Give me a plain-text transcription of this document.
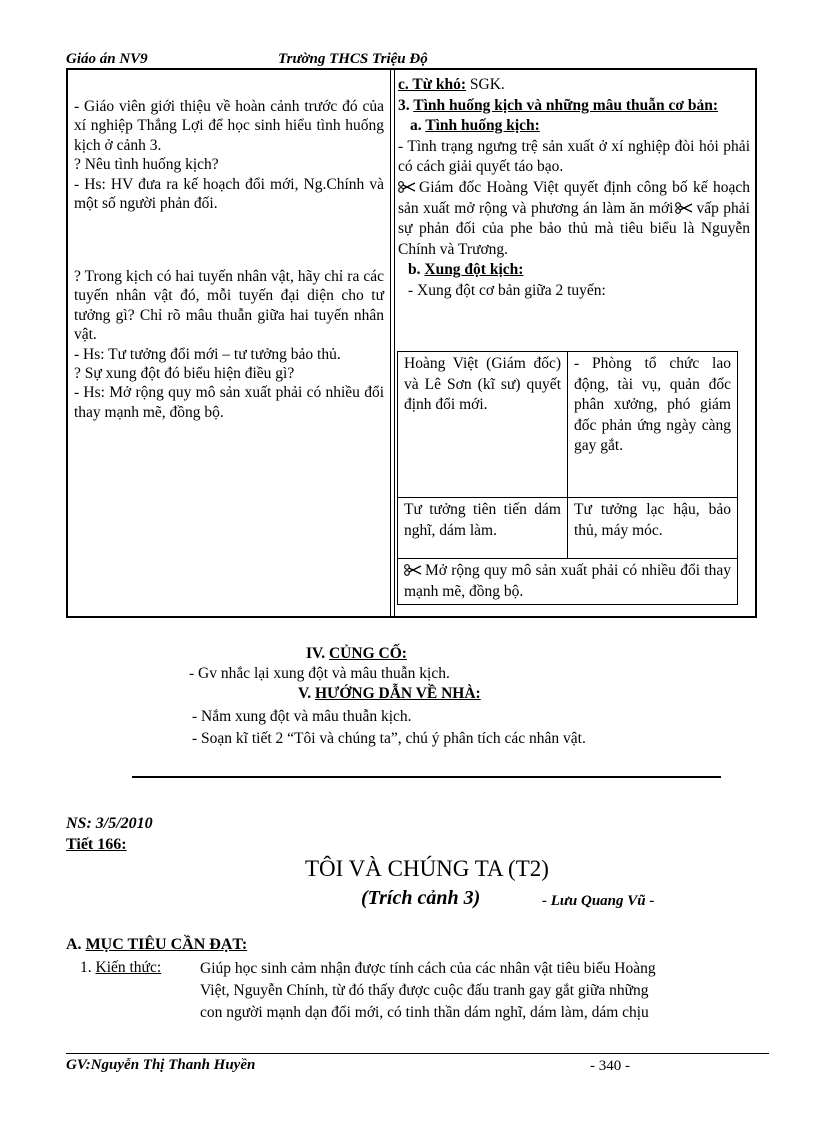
Giáo án NV9	Trường THCS Triệu Độ

- Giáo viên giới thiệu về hoàn cảnh trước đó của xí nghiệp Thắng Lợi để học sinh hiểu tình huống kịch ở cảnh 3.

? Nêu tình huống kịch?

- Hs: HV đưa ra kế hoạch đổi mới, Ng.Chính và một số người phản đối.

? Trong kịch có hai tuyến nhân vật, hãy chỉ ra các tuyến nhân vật đó, mỗi tuyến đại diện cho tư tưởng gì? Chỉ rõ mâu thuẫn giữa hai tuyến nhân vật.

- Hs: Tư tưởng đổi mới – tư tưởng bảo thủ.

? Sự xung đột đó biểu hiện điều gì?

- Hs: Mở rộng quy mô sản xuất phải có nhiều đổi thay mạnh mẽ, đồng bộ.

c. Từ khó: SGK.

3. Tình huống kịch và những mâu thuẫn cơ bản:

a. Tình huống kịch:

- Tình trạng ngưng trệ sản xuất ở xí nghiệp đòi hỏi phải có cách giải quyết táo bạo.

Giám đốc Hoàng Việt quyết định công bố kế hoạch sản xuất mở rộng và phương án làm ăn mới vấp phải sự phản đối của phe bảo thủ mà tiêu biểu là Nguyễn Chính và Trương.

b. Xung đột kịch:

- Xung đột cơ bản giữa 2 tuyến:

Hoàng Việt (Giám đốc) và Lê Sơn (kĩ sư) quyết định đổi mới.	- Phòng tổ chức lao động, tài vụ, quản đốc phân xưởng, phó giám đốc phản ứng ngày càng gay gắt.
Tư tưởng tiên tiến dám nghĩ, dám làm.	Tư tưởng lạc hậu, bảo thủ, máy móc.
Mở rộng quy mô sản xuất phải có nhiều đổi thay mạnh mẽ, đồng bộ.	
IV. CỦNG CỐ:
- Gv nhắc lại xung đột và mâu thuẫn kịch.
V. HƯỚNG DẪN VỀ NHÀ:
- Nắm xung đột và mâu thuẫn kịch.
- Soạn kĩ tiết 2 “Tôi và chúng ta”, chú ý phân tích các nhân vật.
NS: 3/5/2010
Tiết 166:
TÔI VÀ CHÚNG TA (T2)
(Trích cảnh 3)	- Lưu Quang Vũ -
A. MỤC TIÊU CẦN ĐẠT:
1. Kiến thức:	Giúp học sinh cảm nhận được tính cách của các nhân vật tiêu biểu Hoàng
Việt, Nguyễn Chính, từ đó thấy được cuộc đấu tranh gay gắt giữa những
con người mạnh dạn đổi mới, có tinh thần dám nghĩ, dám làm, dám chịu
GV:Nguyễn Thị Thanh Huyền	- 340 -
